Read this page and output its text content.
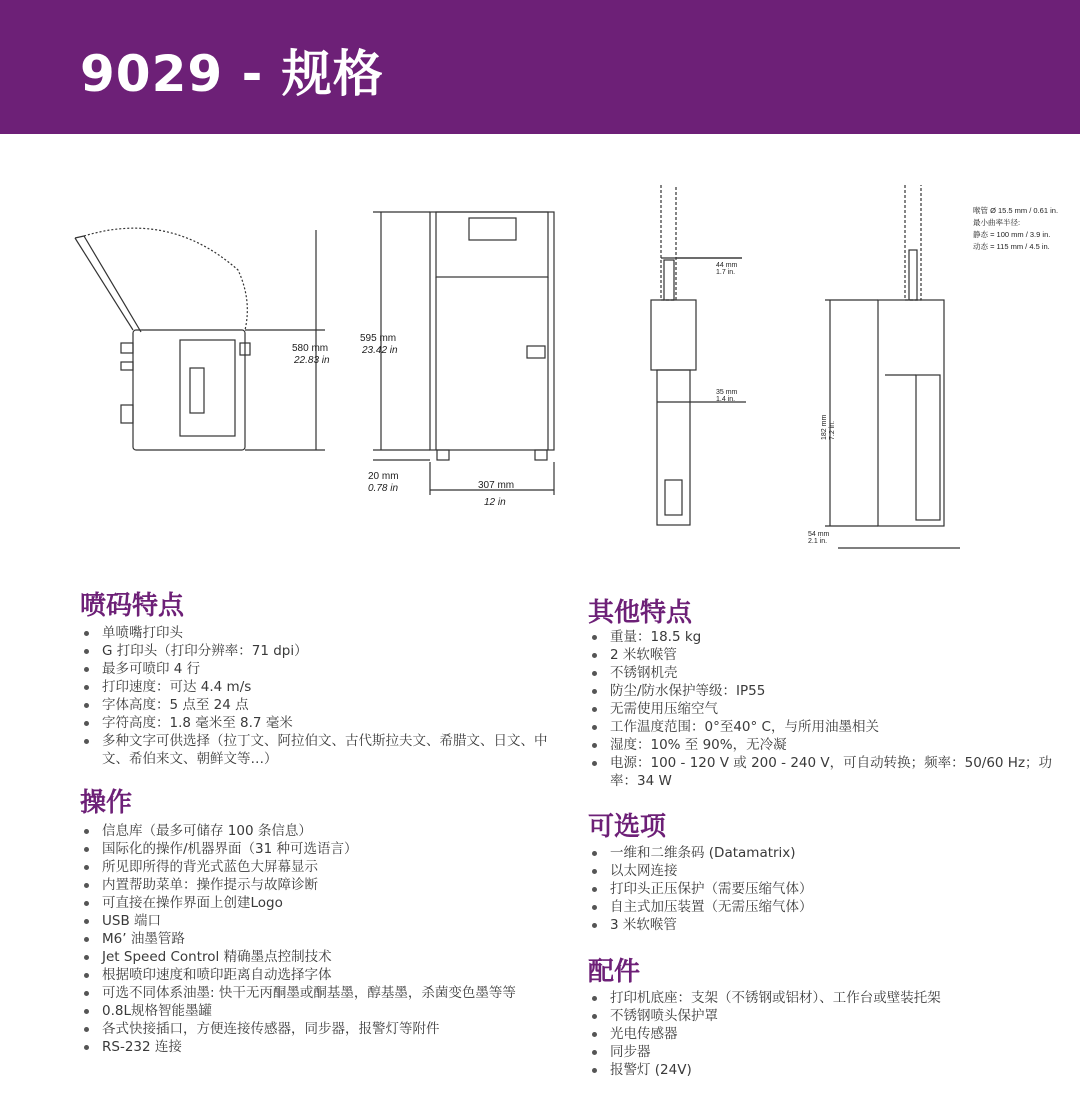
9029 - 规格
580 mm
22.83 in
595 mm
23.42 in
20 mm
0.78 in	307 mm
12 in
44 mm
1.7 in.
35 mm
1.4 in.
54 mm
2.1 in.
182 mm 7.2 in.
喉管 Ø 15.5 mm / 0.61 in.
最小曲率半径:
静态 = 100 mm / 3.9 in.
动态 = 115 mm / 4.5 in.
喷码特点
单喷嘴打印头
G 打印头（打印分辨率：71 dpi）
最多可喷印 4 行
打印速度：可达 4.4 m/s
字体高度：5 点至 24 点
字符高度：1.8 毫米至 8.7 毫米
多种文字可供选择（拉丁文、阿拉伯文、古代斯拉夫文、希腊文、日文、中文、希伯来文、朝鲜文等…）
操作
信息库（最多可储存 100 条信息）
国际化的操作/机器界面（31 种可选语言）
所见即所得的背光式蓝色大屏幕显示
内置帮助菜单：操作提示与故障诊断
可直接在操作界面上创建Logo
USB 端口
M6’ 油墨管路
Jet Speed Control 精确墨点控制技术
根据喷印速度和喷印距离自动选择字体
可选不同体系油墨: 快干无丙酮墨或酮基墨，醇基墨，杀菌变色墨等等
0.8L规格智能墨罐
各式快接插口，方便连接传感器，同步器，报警灯等附件
RS-232 连接
其他特点
重量：18.5 kg
2 米软喉管
不锈钢机壳
防尘/防水保护等级：IP55
无需使用压缩空气
工作温度范围：0°至40° C，与所用油墨相关
湿度：10% 至 90%，无冷凝
电源：100 - 120 V 或 200 - 240 V，可自动转换；频率：50/60 Hz；功率：34 W
可选项
一维和二维条码 (Datamatrix)
以太网连接
打印头正压保护（需要压缩气体）
自主式加压装置（无需压缩气体）
3 米软喉管
配件
打印机底座：支架（不锈钢或铝材）、工作台或壁装托架
不锈钢喷头保护罩
光电传感器
同步器
报警灯 (24V)
